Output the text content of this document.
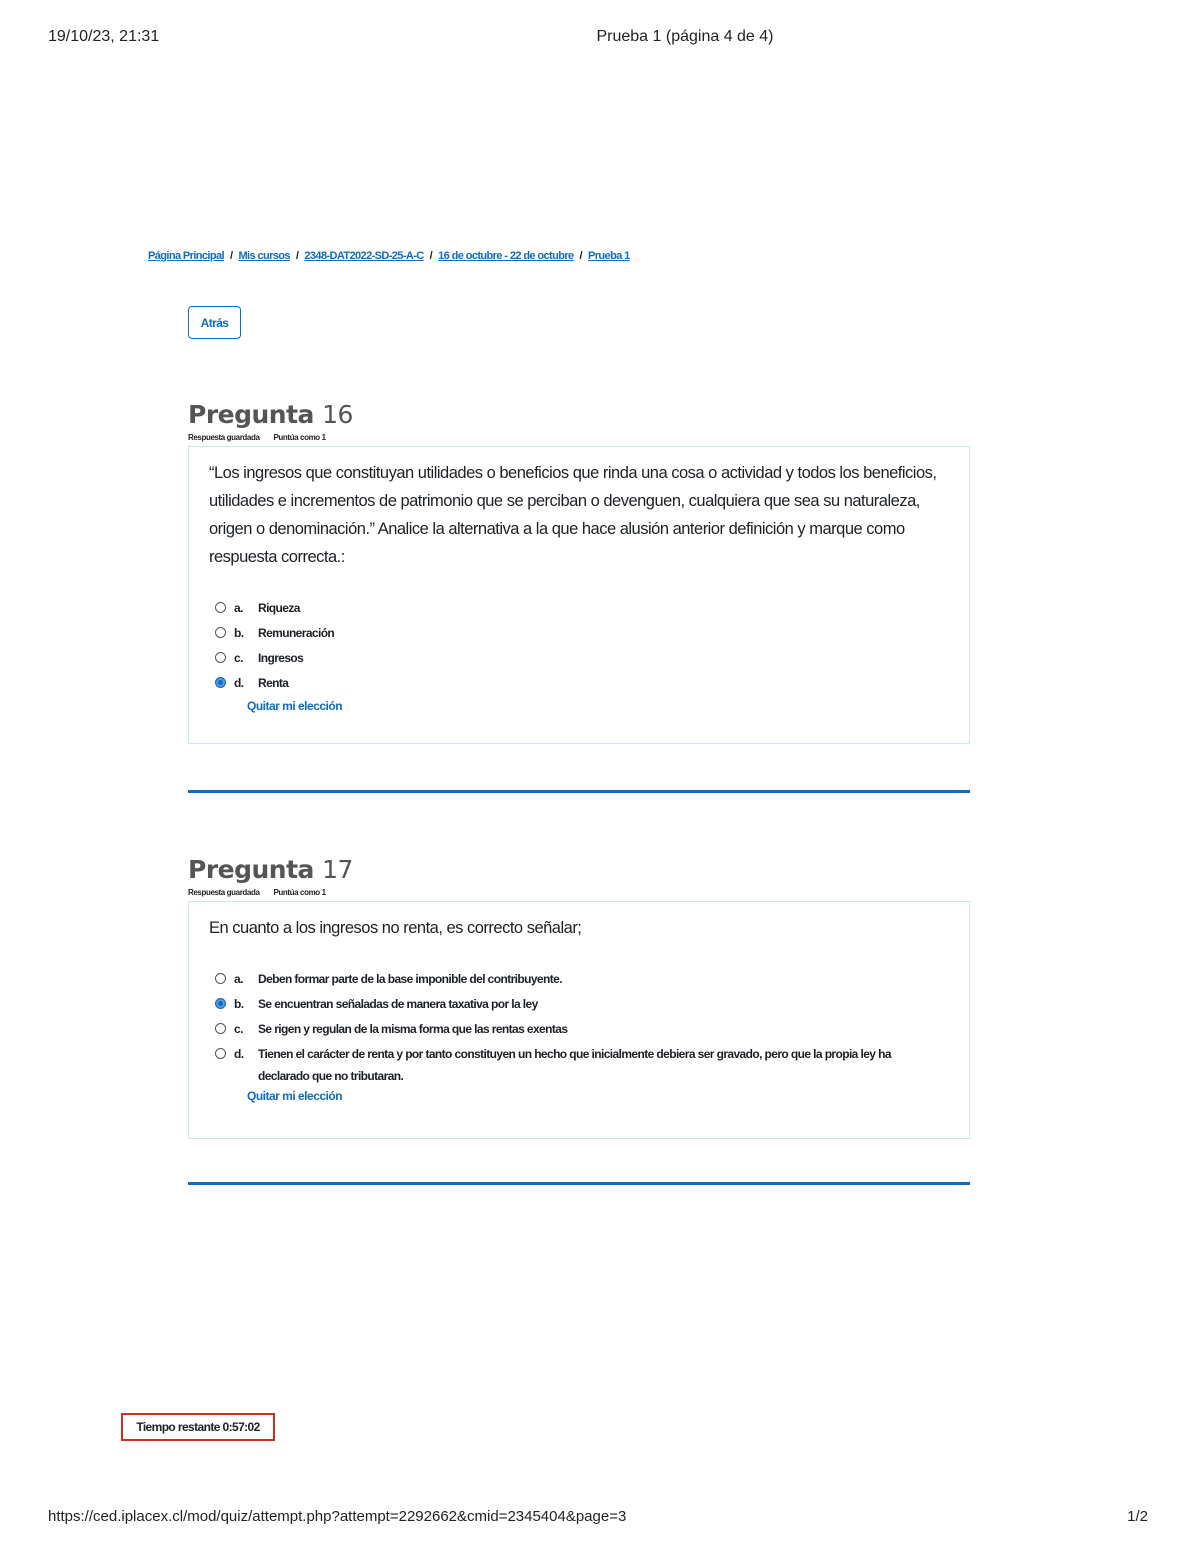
19/10/23, 21:31	Prueba 1 (página 4 de 4)
Página Principal / Mis cursos / 2348-DAT2022-SD-25-A-C / 16 de octubre - 22 de octubre / Prueba 1
Atrás
Pregunta 16
Respuesta guardada Puntúa como 1
“Los ingresos que constituyan utilidades o beneficios que rinda una cosa o actividad y todos los beneficios, utilidades e incrementos de patrimonio que se perciban o devenguen, cualquiera que sea su naturaleza, origen o denominación.” Analice la alternativa a la que hace alusión anterior definición y marque como respuesta correcta.:
a.	Riqueza
b.	Remuneración
c.	Ingresos
d.	Renta
Quitar mi elección
Pregunta 17
Respuesta guardada Puntúa como 1
En cuanto a los ingresos no renta, es correcto señalar;
a.	Deben formar parte de la base imponible del contribuyente.
b.	Se encuentran señaladas de manera taxativa por la ley
c.	Se rigen y regulan de la misma forma que las rentas exentas
d.	Tienen el carácter de renta y por tanto constituyen un hecho que inicialmente debiera ser gravado, pero que la propia ley ha declarado que no tributaran.
Quitar mi elección
Tiempo restante 0:57:02
https://ced.iplacex.cl/mod/quiz/attempt.php?attempt=2292662&cmid=2345404&page=3	1/2
